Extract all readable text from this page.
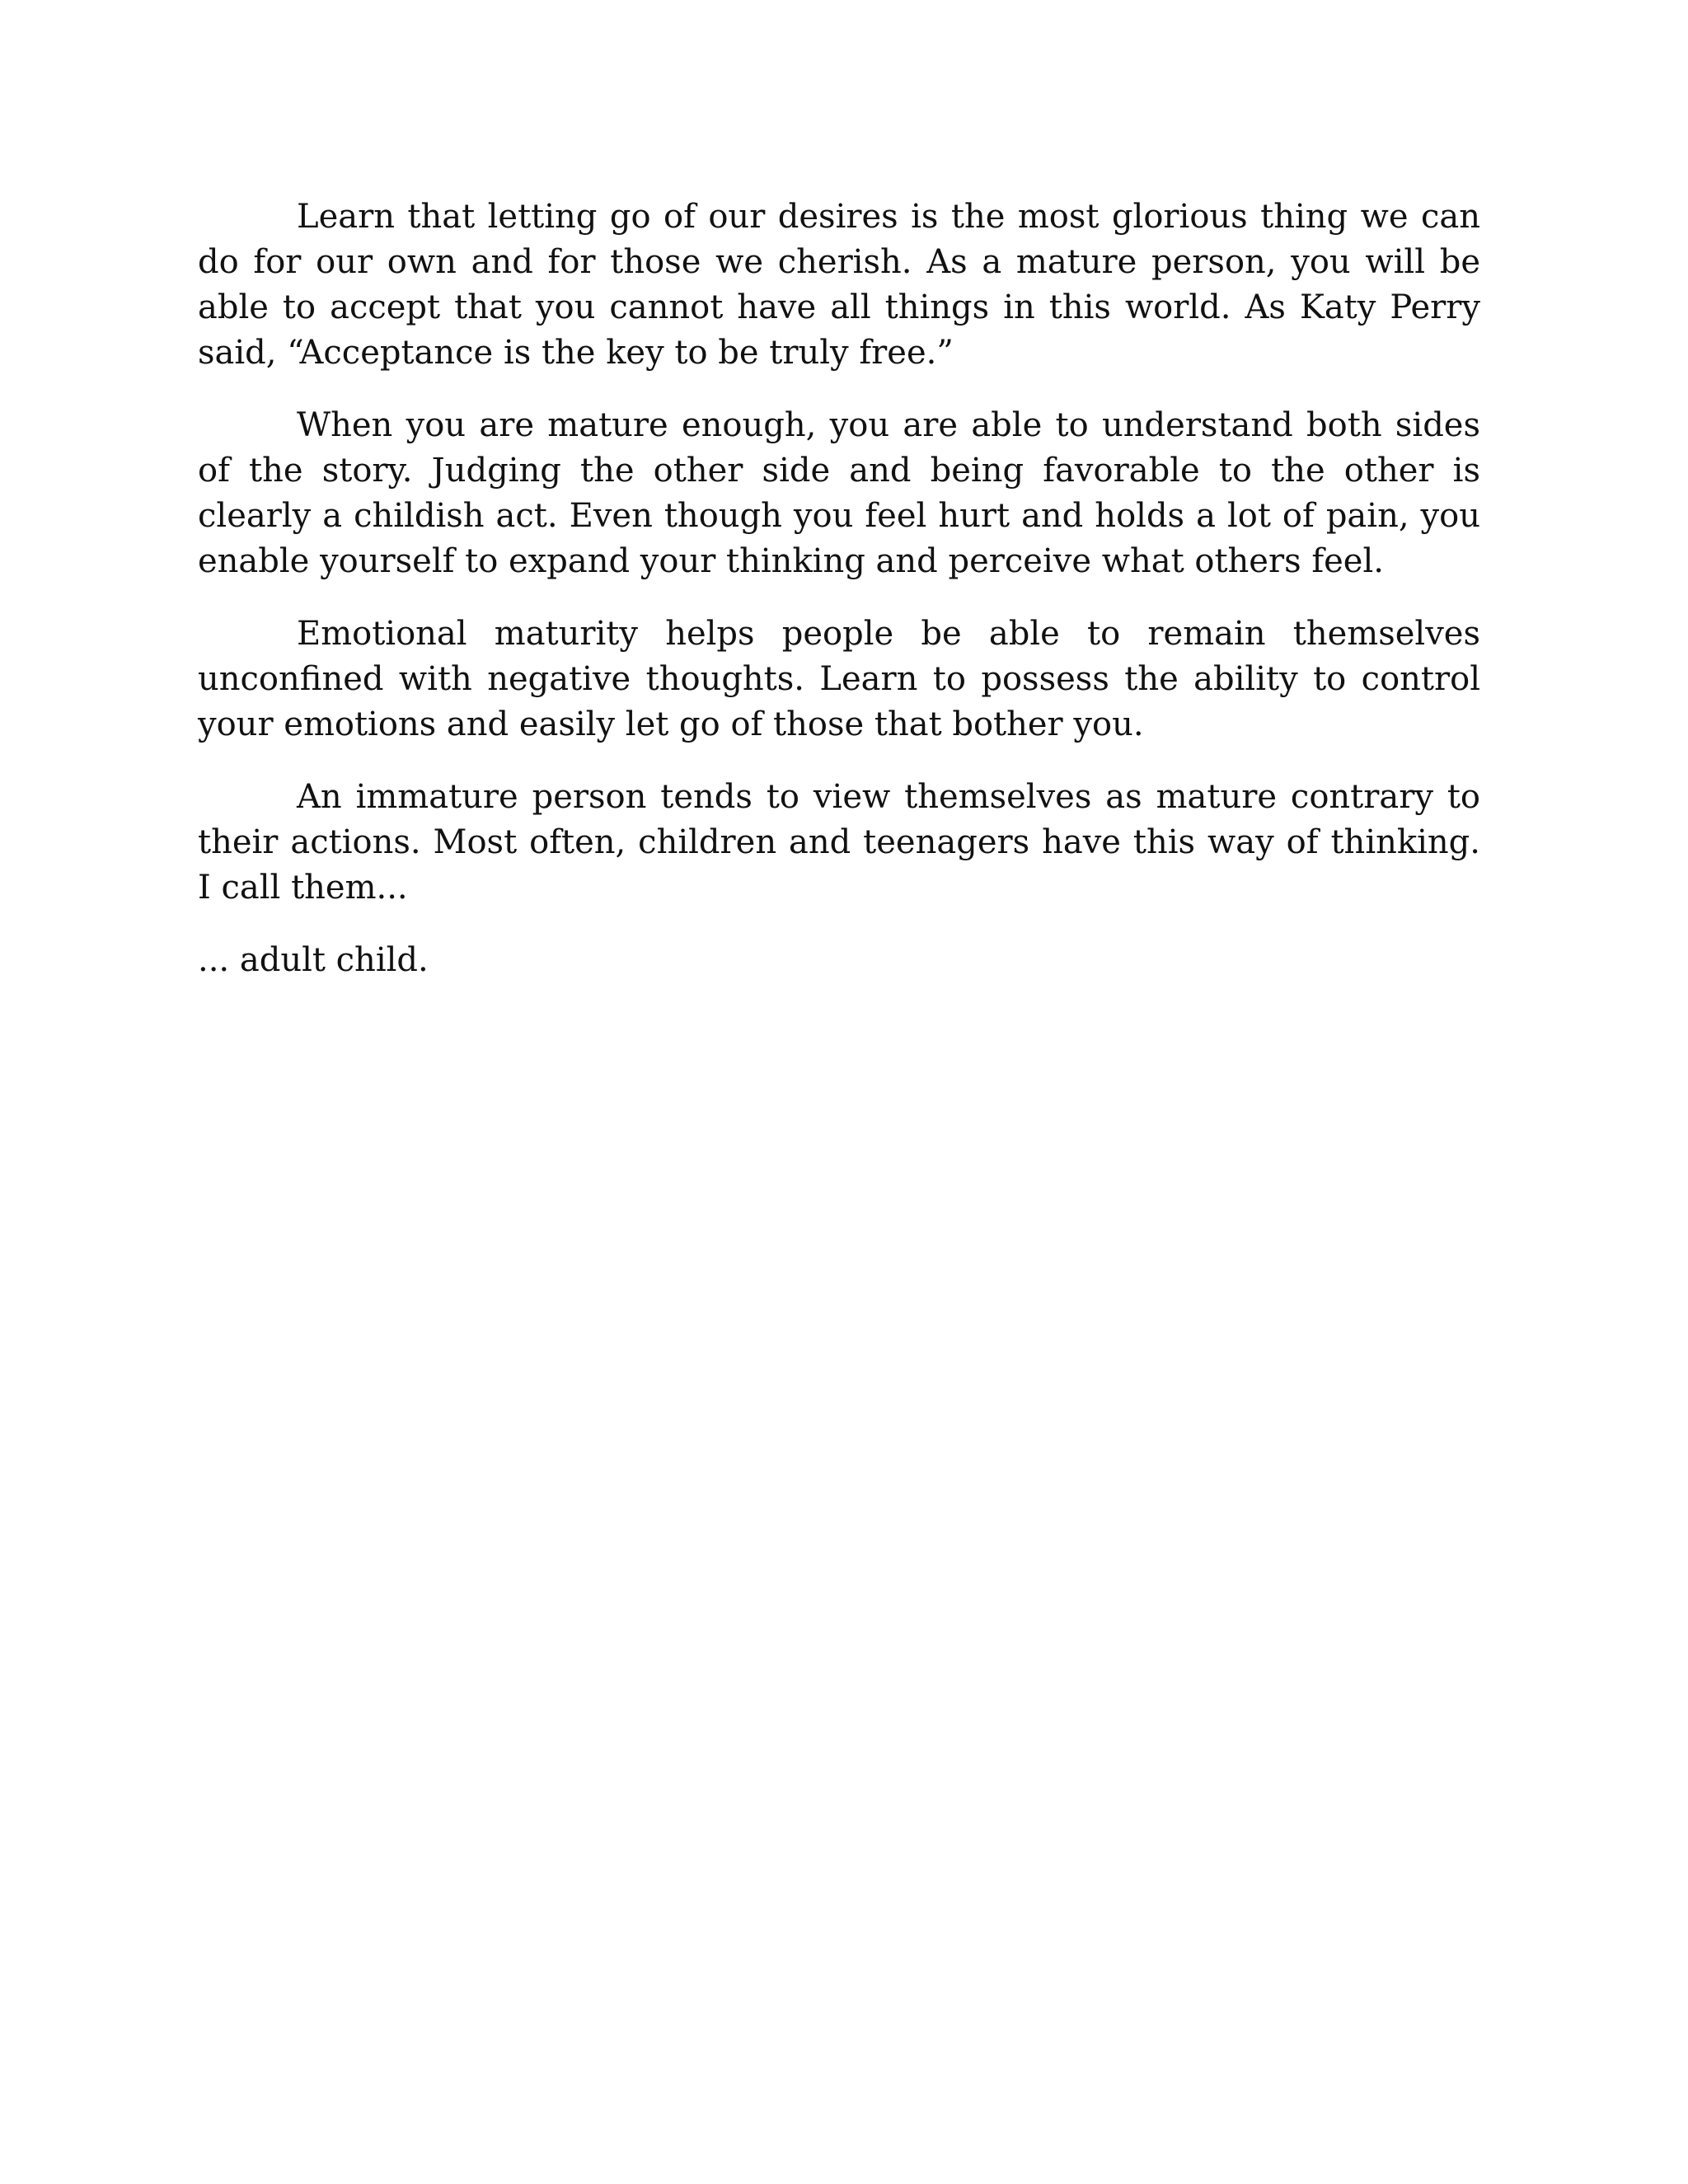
Learn that letting go of our desires is the most glorious thing we can do for our own and for those we cherish. As a mature person, you will be able to accept that you cannot have all things in this world. As Katy Perry said, “Acceptance is the key to be truly free.”

When you are mature enough, you are able to understand both sides of the story. Judging the other side and being favorable to the other is clearly a childish act. Even though you feel hurt and holds a lot of pain, you enable yourself to expand your thinking and perceive what others feel.

Emotional maturity helps people be able to remain themselves unconfined with negative thoughts. Learn to possess the ability to control your emotions and easily let go of those that bother you.

An immature person tends to view themselves as mature contrary to their actions. Most often, children and teenagers have this way of thinking. I call them...

... adult child.
